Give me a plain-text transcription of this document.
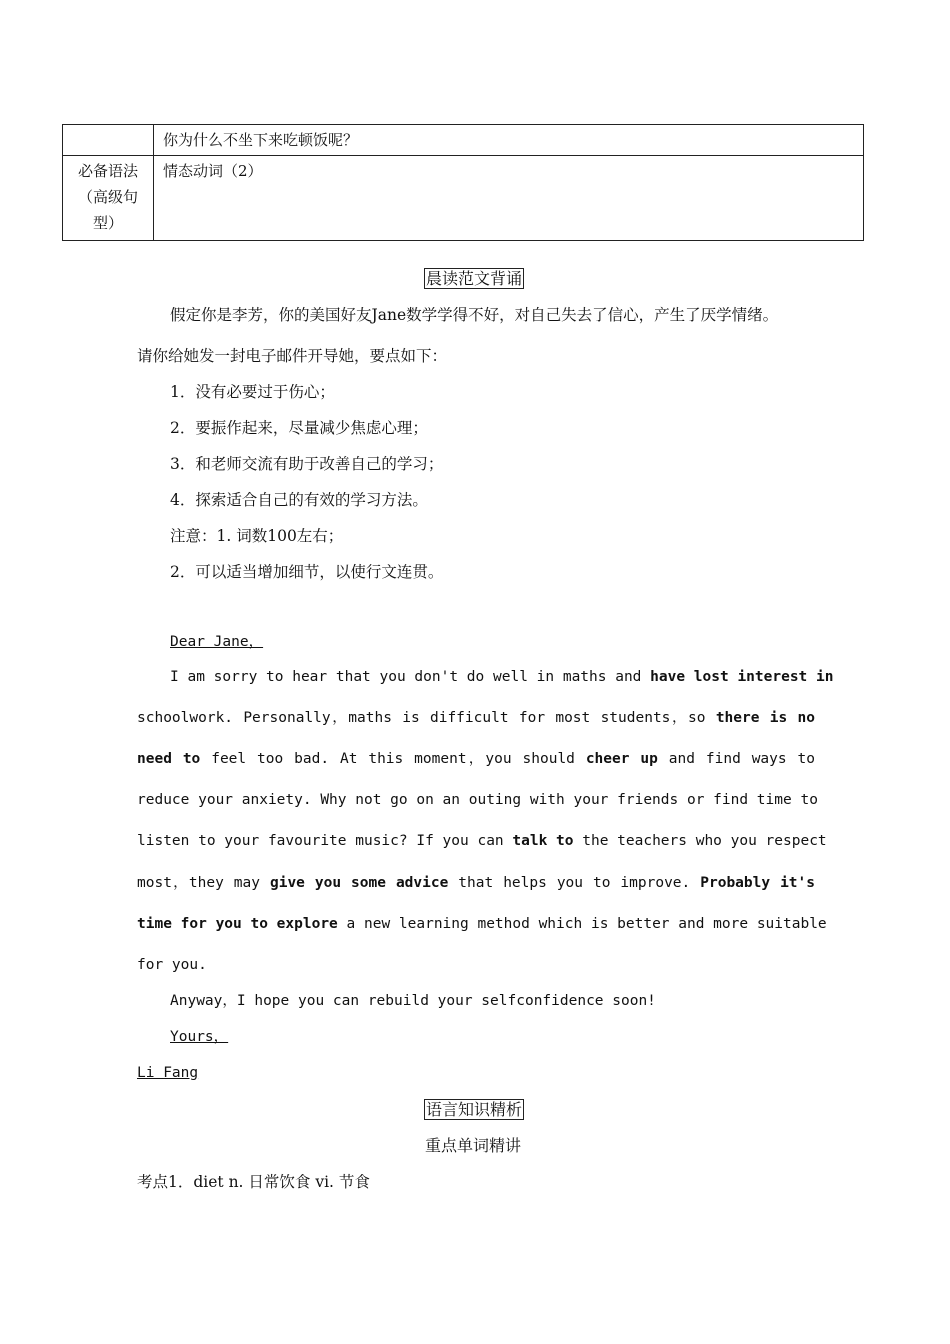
	你为什么不坐下来吃顿饭呢？

必备语法
（高级句
型）	情态动词（2）
晨读范文背诵
假定你是李芳，你的美国好友Jane数学学得不好，对自己失去了信心，产生了厌学情绪。
请你给她发一封电子邮件开导她，要点如下：
1．没有必要过于伤心；
2．要振作起来，尽量减少焦虑心理；
3．和老师交流有助于改善自己的学习；
4．探索适合自己的有效的学习方法。
注意：1. 词数100左右；
2．可以适当增加细节，以使行文连贯。
Dear Jane，
I am sorry to hear that you don't do well in maths and have lost interest in
schoolwork. Personally，maths is difficult for most students，so there is no
need to feel too bad. At this moment，you should cheer up and find ways to
reduce your anxiety. Why not go on an outing with your friends or find time to
listen to your favourite music? If you can talk to the teachers who you respect
most，they may give you some advice that helps you to improve. Probably it's
time for you to explore a new learning method which is better and more suitable
for you.
Anyway，I hope you can rebuild your selfconfidence soon!
Yours，
Li Fang
语言知识精析
重点单词精讲
考点1．diet n. 日常饮食 vi. 节食
